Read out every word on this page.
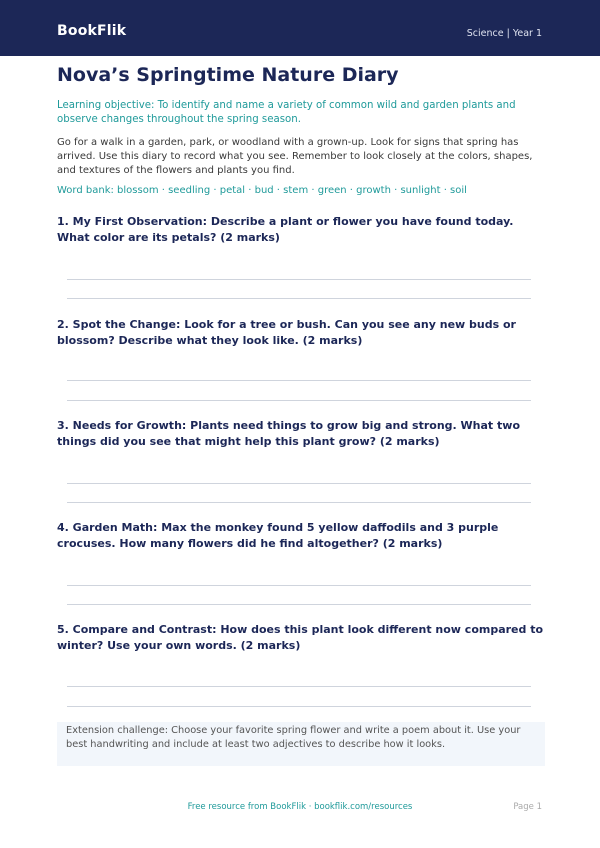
BookFlik	Science | Year 1
Nova’s Springtime Nature Diary
Learning objective: To identify and name a variety of common wild and garden plants and observe changes throughout the spring season.
Go for a walk in a garden, park, or woodland with a grown-up. Look for signs that spring has arrived. Use this diary to record what you see. Remember to look closely at the colors, shapes, and textures of the flowers and plants you find.
Word bank: blossom · seedling · petal · bud · stem · green · growth · sunlight · soil
1. My First Observation: Describe a plant or flower you have found today. What color are its petals? (2 marks)
2. Spot the Change: Look for a tree or bush. Can you see any new buds or blossom? Describe what they look like. (2 marks)
3. Needs for Growth: Plants need things to grow big and strong. What two things did you see that might help this plant grow? (2 marks)
4. Garden Math: Max the monkey found 5 yellow daffodils and 3 purple crocuses. How many flowers did he find altogether? (2 marks)
5. Compare and Contrast: How does this plant look different now compared to winter? Use your own words. (2 marks)
Extension challenge: Choose your favorite spring flower and write a poem about it. Use your best handwriting and include at least two adjectives to describe how it looks.
Free resource from BookFlik · bookflik.com/resources	Page 1
